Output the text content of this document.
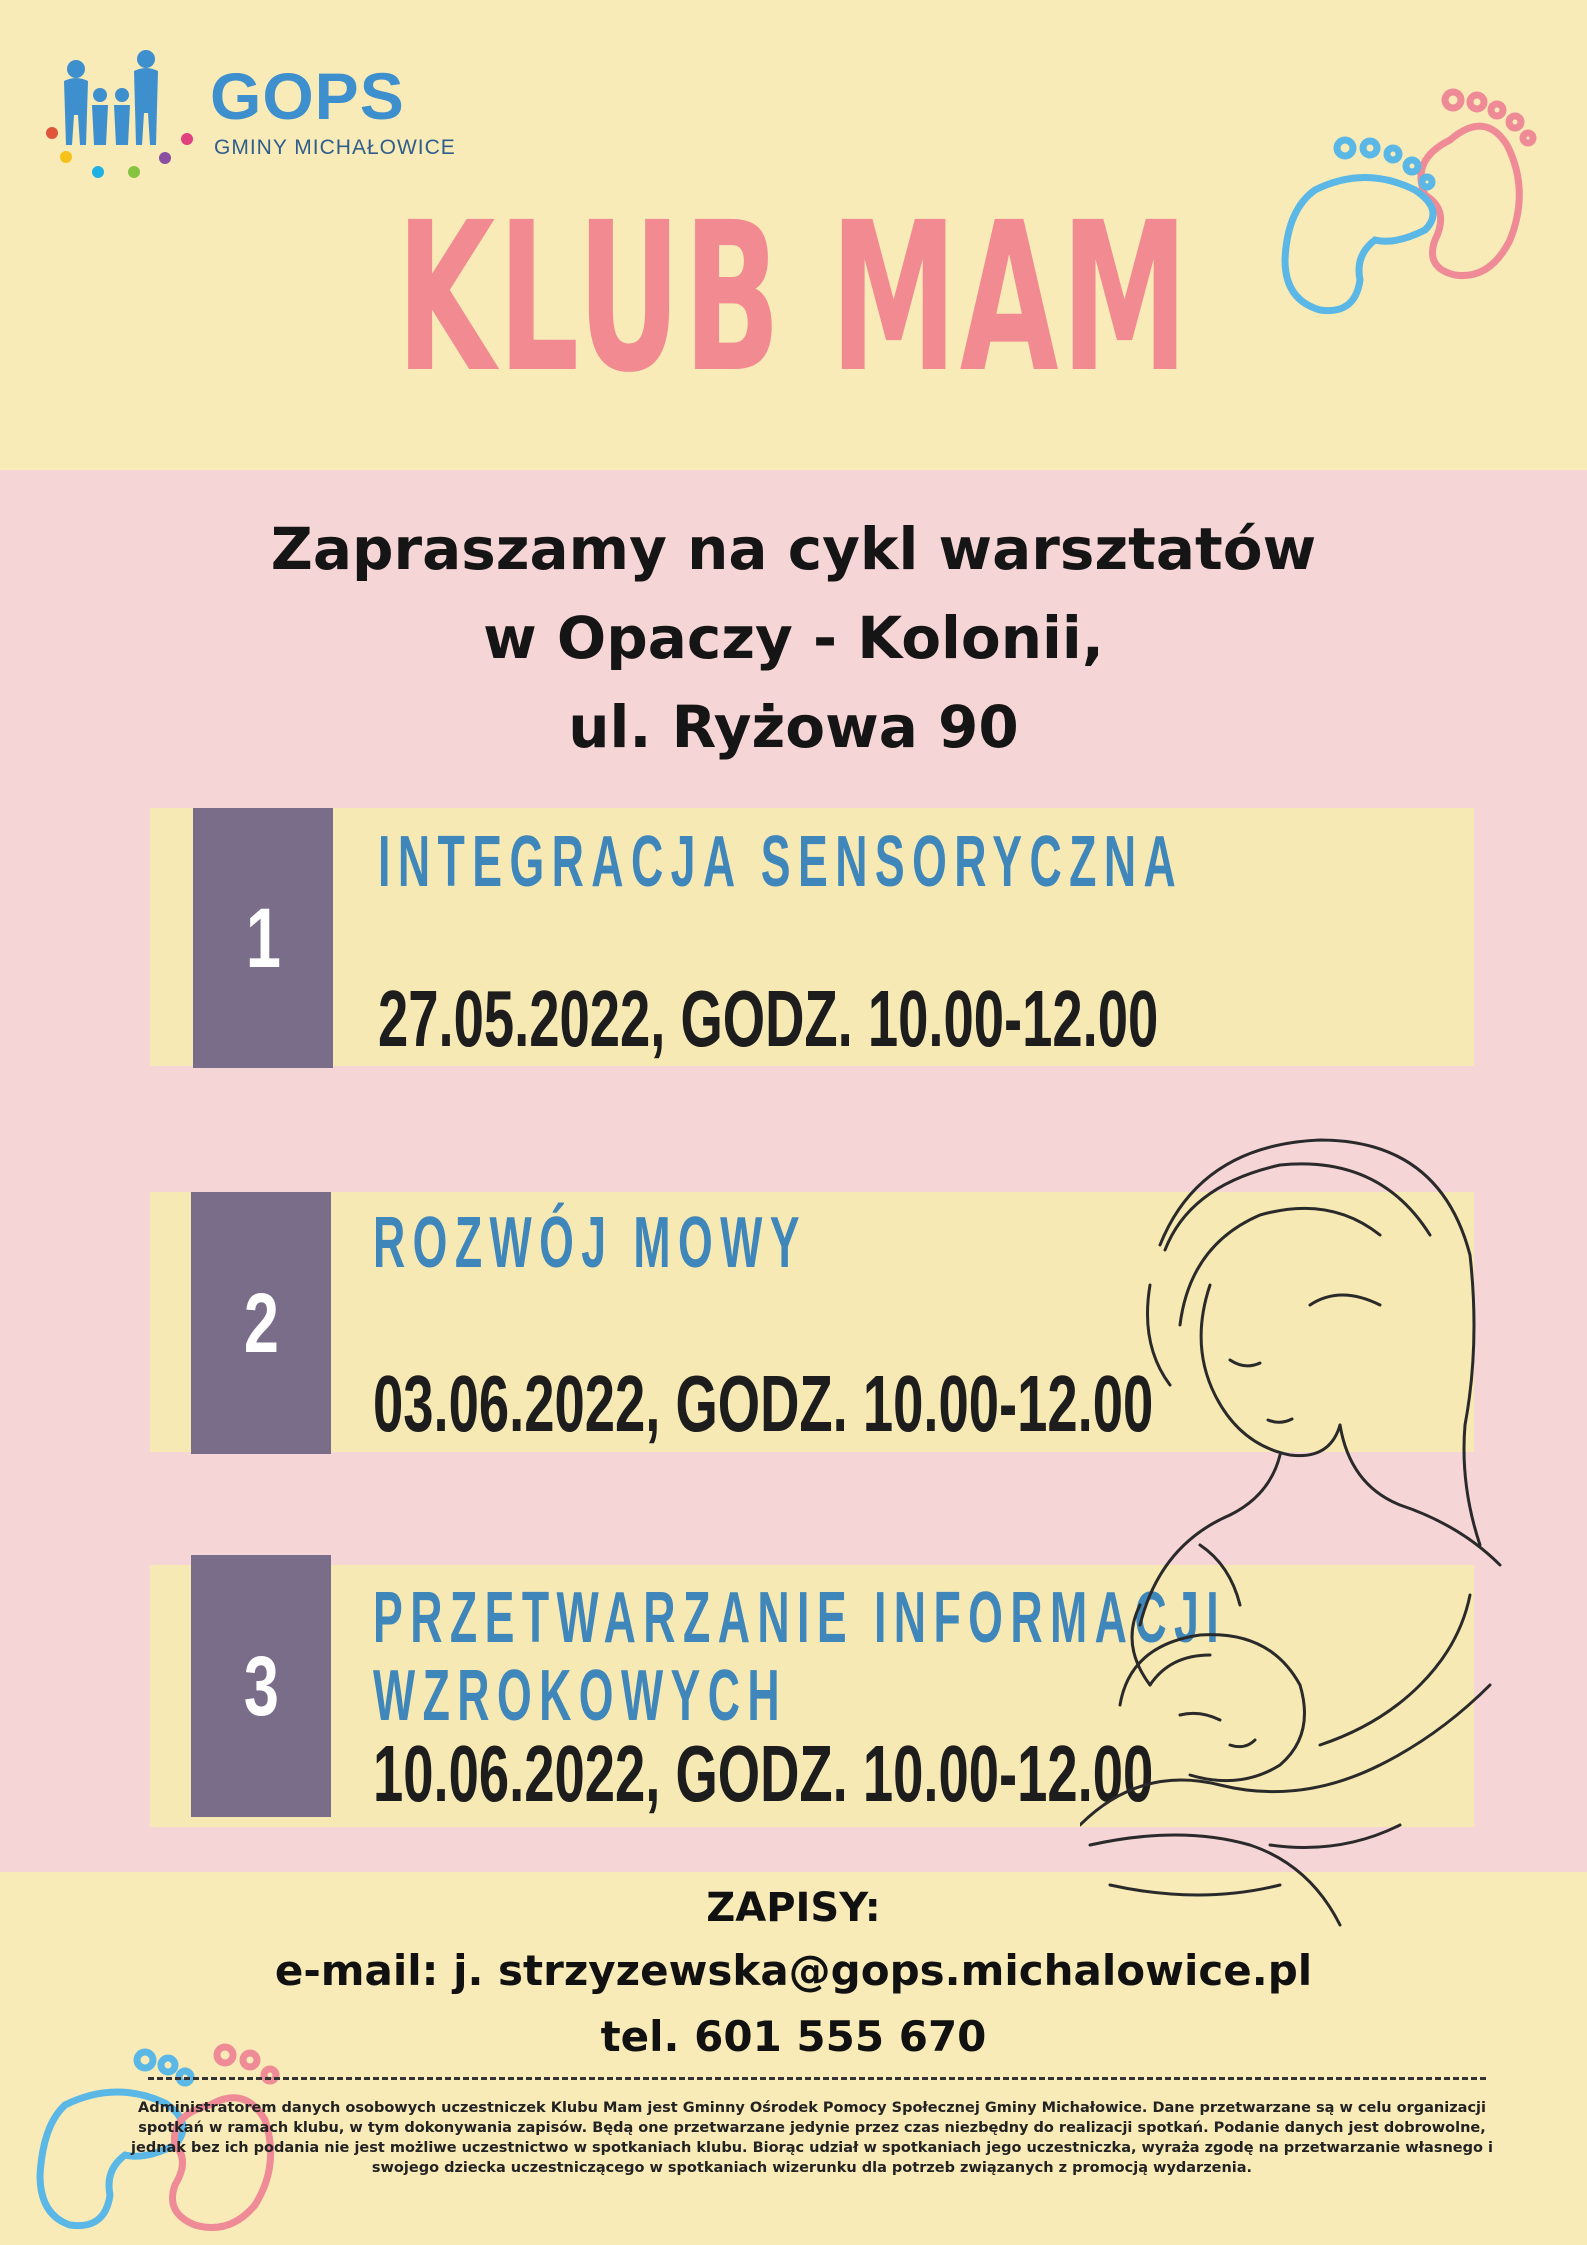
GOPS
GMINY MICHAŁOWICE
KLUB MAM
Zapraszamy na cykl warsztatów
w Opaczy - Kolonii,
ul. Ryżowa 90
1
INTEGRACJA SENSORYCZNA
27.05.2022, GODZ. 10.00-12.00
2
ROZWÓJ MOWY
03.06.2022, GODZ. 10.00-12.00
3
PRZETWARZANIE INFORMACJI
WZROKOWYCH
10.06.2022, GODZ. 10.00-12.00
ZAPISY:
e-mail: j. strzyzewska@gops.michalowice.pl
tel. 601 555 670
Administratorem danych osobowych uczestniczek Klubu Mam jest Gminny Ośrodek Pomocy Społecznej Gminy Michałowice. Dane przetwarzane są w celu organizacji spotkań w ramach klubu, w tym dokonywania zapisów. Będą one przetwarzane jedynie przez czas niezbędny do realizacji spotkań. Podanie danych jest dobrowolne, jednak bez ich podania nie jest możliwe uczestnictwo w spotkaniach klubu. Biorąc udział w spotkaniach jego uczestniczka, wyraża zgodę na przetwarzanie własnego i swojego dziecka uczestniczącego w spotkaniach wizerunku dla potrzeb związanych z promocją wydarzenia.
